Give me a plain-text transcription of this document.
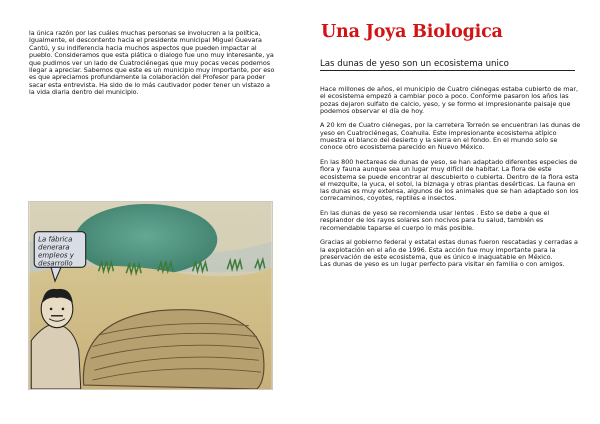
la única razón por las cuáles muchas personas se involucren a la política, Igualmente, el descontento hacia el presidente municipal Miguel Guevara Cantú, y su indiferencia hacia muchos aspectos que pueden impactar al pueblo. Consideramos que esta plática o dialogo fue uno muy interesante, ya que pudimos ver un lado de Cuatrociénegas que muy pocas veces podemos llegar a apreciar. Sabemos que este es un municipio muy importante, por eso es que apreciamos profundamente la colaboración del Profesor para poder sacar esta entrevista. Ha sido de lo más cautivador poder tener un vistazo a la vida diaria dentro del municipio.
La fábrica
denerara
empleos y
desarrollo
Una Joya Biologica
Las dunas de yeso son un ecosistema unico

Hace millones de años, el municipio de Cuatro ciénegas estaba cubierto de mar, el ecosistema empezó a cambiar poco a poco. Conforme pasaron los años las pozas dejaron sulfato de calcio, yeso, y se formo el impresionante paisaje que podemos observar el día de hoy.

A 20 km de Cuatro ciénegas, por la carretera Torreón se encuentran las dunas de yeso en Cuatrociénegas, Coahuila. Este impresionante ecosistema atípico muestra el blanco del desierto y la sierra en el fondo. En el mundo solo se conoce otro ecosistema parecido en Nuevo México.

En las 800 hectareas de dunas de yeso, se han adaptado diferentes especies de flora y fauna aunque sea un lugar muy difícil de habitar. La flora de este ecosistema se puede encontrar al descubierto o cubierta. Dentro de la flora esta el mezquite, la yuca, el sotol, la biznaga y otras plantas desérticas. La fauna en las dunas es muy extensa, algunos de los animales que se han adaptado son los correcaminos, coyotes, reptiles e insectos.

En las dunas de yeso se recomienda usar lentes . Esto se debe a que el resplandor de los rayos solares son nocivos para tu salud, también es recomendable taparse el cuerpo lo más posible.

Gracias al gobierno federal y estatal estas dunas fueron rescatadas y cerradas a la explotación en el año de 1996. Esta acción fue muy importante para la preservación de este ecosistema, que es único e inaguatable en México.
Las dunas de yeso es un lugar perfecto para visitar en familia o con amigos.
